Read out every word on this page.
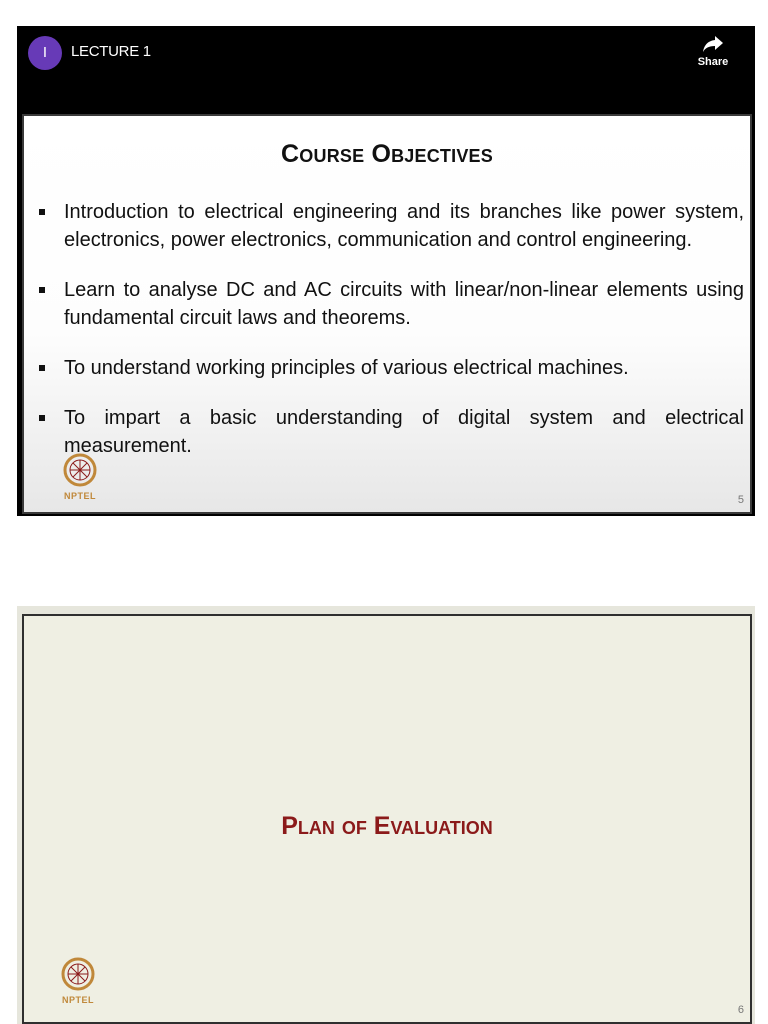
I	LECTURE 1
Share
Course Objectives
Introduction to electrical engineering and its branches like power system, electronics, power electronics, communication and control engineering.
Learn to analyse DC and AC circuits with linear/non-linear elements using fundamental circuit laws and theorems.
To understand working principles of various electrical machines.
To impart a basic understanding of digital system and electrical measurement.
NPTEL	5
Plan of Evaluation
NPTEL
6
